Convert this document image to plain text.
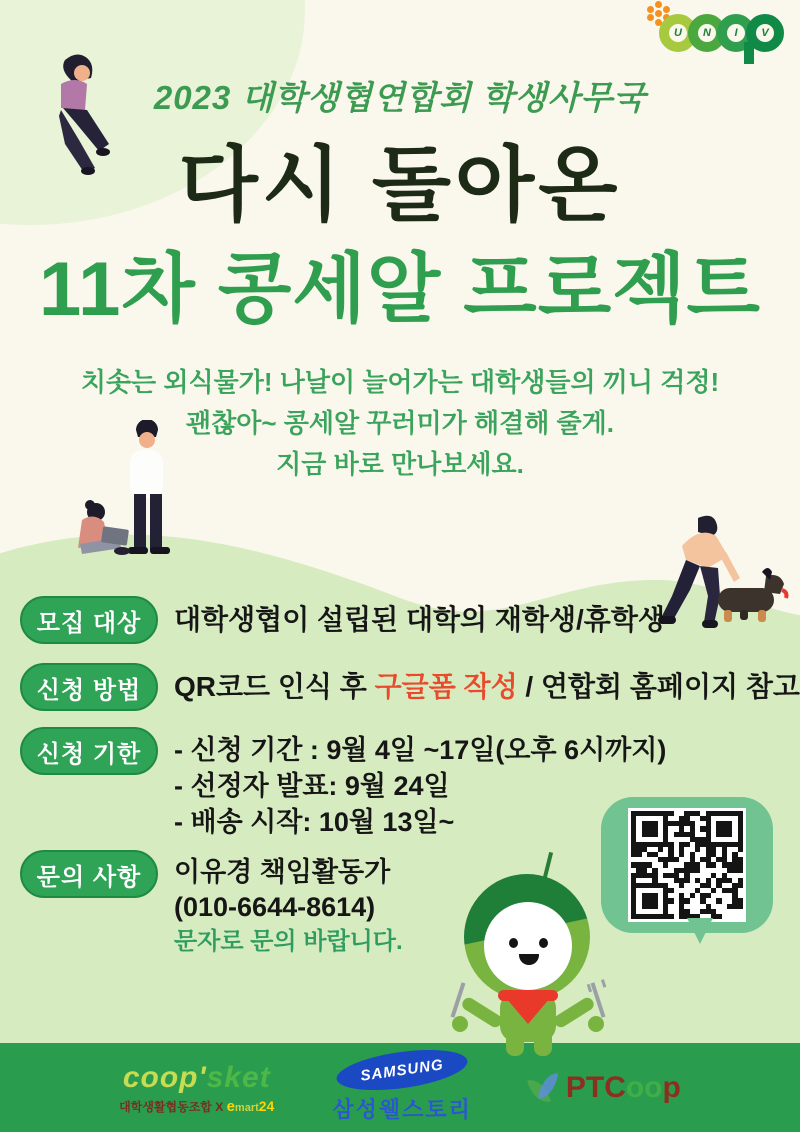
U N I V
2023 대학생협연합회 학생사무국
다시 돌아온
11차 콩세알 프로젝트
치솟는 외식물가! 나날이 늘어가는 대학생들의 끼니 걱정!
괜찮아~ 콩세알 꾸러미가 해결해 줄게.
지금 바로 만나보세요.
모집 대상	대학생협이 설립된 대학의 재학생/휴학생
신청 방법	QR코드 인식 후 구글폼 작성 / 연합회 홈페이지 참고
신청 기한	- 신청 기간 : 9월 4일 ~17일(오후 6시까지)
- 선정자 발표: 9월 24일
- 배송 시작: 10월 13일~
문의 사항	이유경 책임활동가
(010-6644-8614)
문자로 문의 바랍니다.
coop'sket
대학생활협동조합 X emart24
SAMSUNG
삼성웰스토리
PTCoop
